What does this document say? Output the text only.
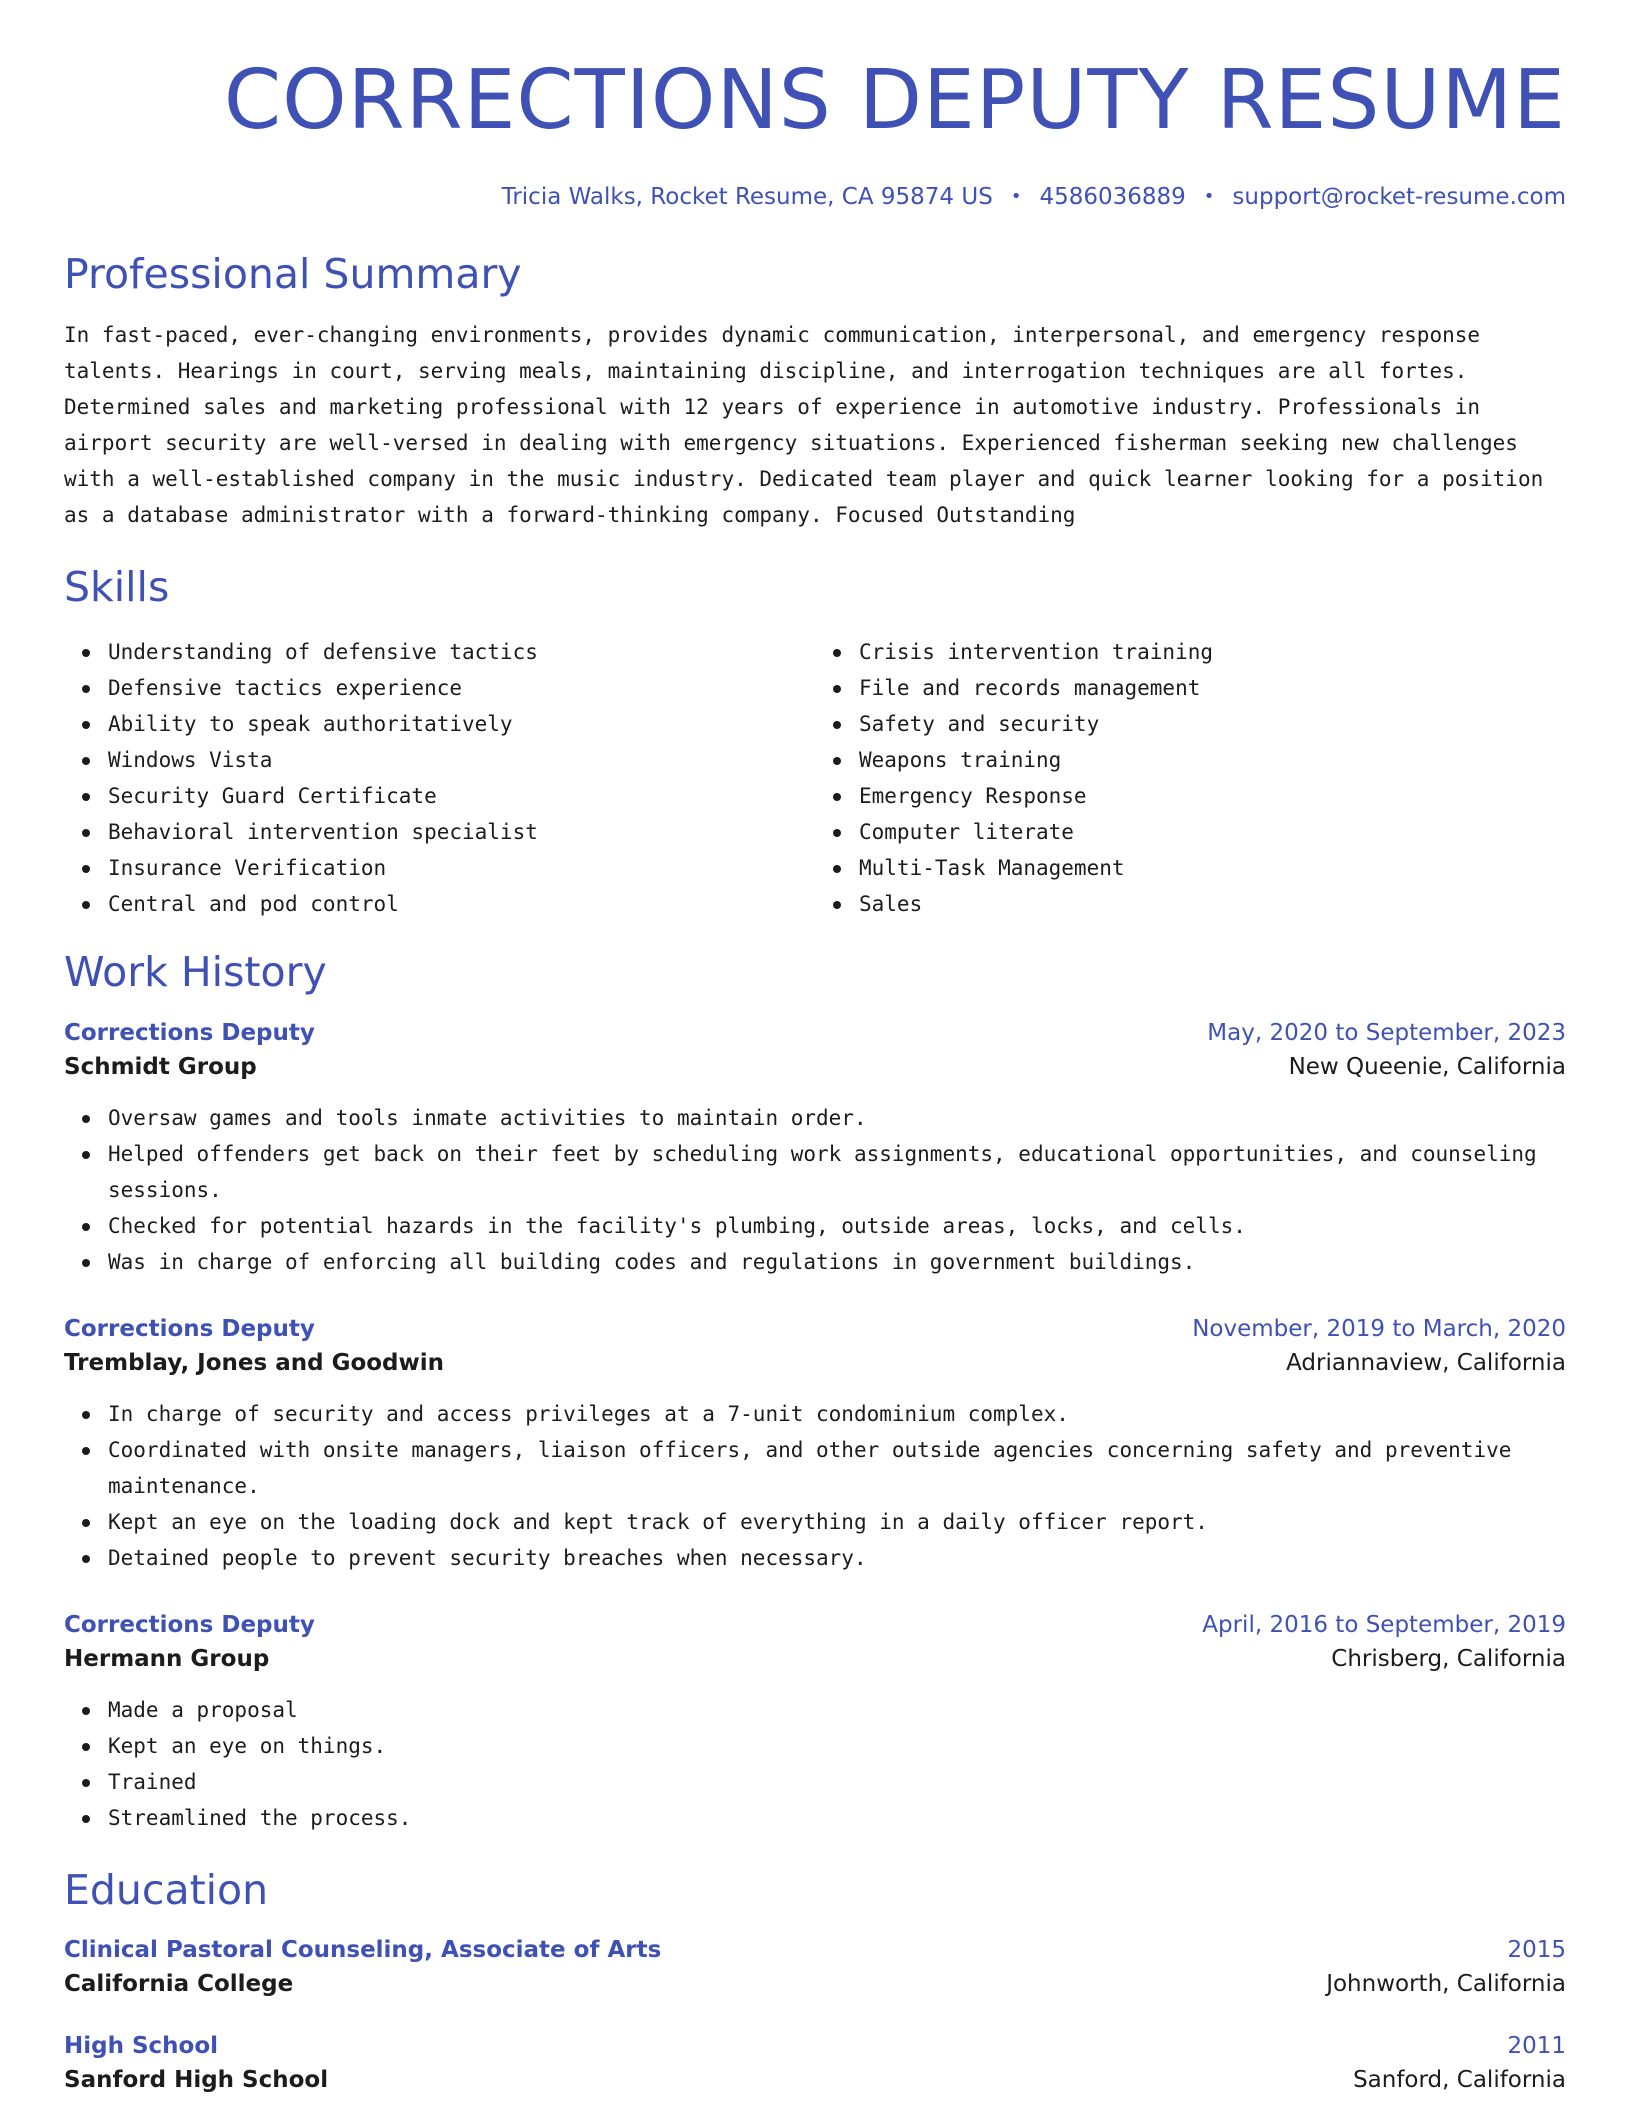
CORRECTIONS DEPUTY RESUME
Tricia Walks, Rocket Resume, CA 95874 US • 4586036889 • support@rocket-resume.com
Professional Summary
In fast-paced, ever-changing environments, provides dynamic communication, interpersonal, and emergency response talents. Hearings in court, serving meals, maintaining discipline, and interrogation techniques are all fortes. Determined sales and marketing professional with 12 years of experience in automotive industry. Professionals in airport security are well-versed in dealing with emergency situations. Experienced fisherman seeking new challenges with a well-established company in the music industry. Dedicated team player and quick learner looking for a position as a database administrator with a forward-thinking company. Focused Outstanding
Skills
Understanding of defensive tactics
Defensive tactics experience
Ability to speak authoritatively
Windows Vista
Security Guard Certificate
Behavioral intervention specialist
Insurance Verification
Central and pod control
Crisis intervention training
File and records management
Safety and security
Weapons training
Emergency Response
Computer literate
Multi-Task Management
Sales
Work History
Corrections Deputy	May, 2020 to September, 2023
Schmidt Group	New Queenie, California
Oversaw games and tools inmate activities to maintain order.
Helped offenders get back on their feet by scheduling work assignments, educational opportunities, and counseling sessions.
Checked for potential hazards in the facility's plumbing, outside areas, locks, and cells.
Was in charge of enforcing all building codes and regulations in government buildings.
Corrections Deputy	November, 2019 to March, 2020
Tremblay, Jones and Goodwin	Adriannaview, California
In charge of security and access privileges at a 7-unit condominium complex.
Coordinated with onsite managers, liaison officers, and other outside agencies concerning safety and preventive maintenance.
Kept an eye on the loading dock and kept track of everything in a daily officer report.
Detained people to prevent security breaches when necessary.
Corrections Deputy	April, 2016 to September, 2019
Hermann Group	Chrisberg, California
Made a proposal
Kept an eye on things.
Trained
Streamlined the process.
Education
Clinical Pastoral Counseling, Associate of Arts	2015
California College	Johnworth, California
High School	2011
Sanford High School	Sanford, California
